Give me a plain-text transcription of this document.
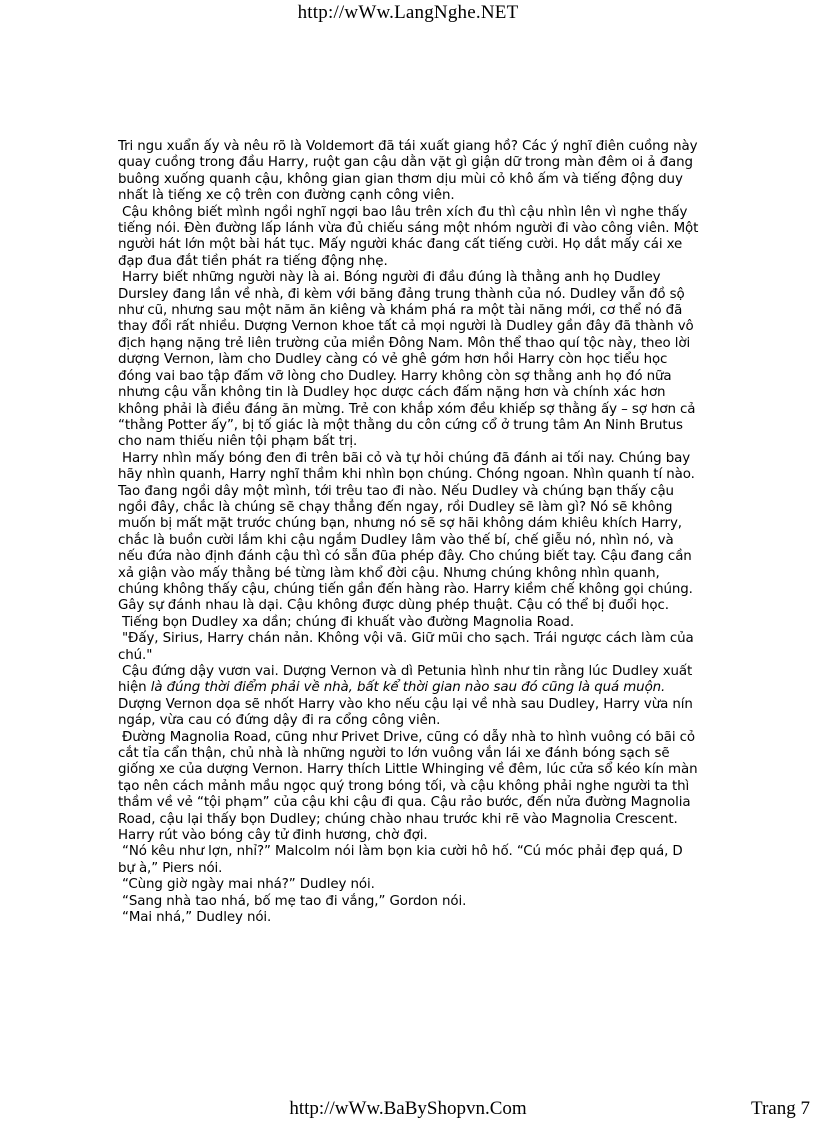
http://wWw.LangNghe.NET

Tri ngu xuẩn ấy và nêu rõ là Voldemort đã tái xuất giang hồ? Các ý nghĩ điên cuồng này quay cuồng trong đầu Harry, ruột gan cậu dằn vặt gì giận dữ trong màn đêm oi ả đang buông xuống quanh cậu, không gian gian thơm dịu mùi cỏ khô ấm và tiếng động duy nhất là tiếng xe cộ trên con đường cạnh công viên.

Cậu không biết mình ngồi nghĩ ngợi bao lâu trên xích đu thì cậu nhìn lên vì nghe thấy tiếng nói. Đèn đường lấp lánh vừa đủ chiếu sáng một nhóm người đi vào công viên. Một người hát lớn một bài hát tục. Mấy người khác đang cất tiếng cười. Họ dắt mấy cái xe đạp đua đắt tiền phát ra tiếng động nhẹ.

Harry biết những người này là ai. Bóng người đi đầu đúng là thằng anh họ Dudley Dursley đang lần về nhà, đi kèm với băng đảng trung thành của nó. Dudley vẫn đồ sộ như cũ, nhưng sau một năm ăn kiêng và khám phá ra một tài năng mới, cơ thể nó đã thay đổi rất nhiều. Dượng Vernon khoe tất cả mọi người là Dudley gần đây đã thành vô địch hạng nặng trẻ liên trường của miền Đông Nam. Môn thể thao quí tộc này, theo lời dượng Vernon, làm cho Dudley càng có vẻ ghê gớm hơn hồi Harry còn học tiểu học đóng vai bao tập đấm vỡ lòng cho Dudley. Harry không còn sợ thằng anh họ đó nữa nhưng cậu vẫn không tin là Dudley học dược cách đấm nặng hơn và chính xác hơn không phải là điều đáng ăn mừng. Trẻ con khắp xóm đều khiếp sợ thằng ấy – sợ hơn cả “thằng Potter ấy”, bị tố giác là một thằng du côn cứng cổ ở trung tâm An Ninh Brutus cho nam thiếu niên tội phạm bất trị.

Harry nhìn mấy bóng đen đi trên bãi cỏ và tự hỏi chúng đã đánh ai tối nay. Chúng bay hãy nhìn quanh, Harry nghĩ thầm khi nhìn bọn chúng. Chóng ngoan. Nhìn quanh tí nào. Tao đang ngồi dây một mình, tới trêu tao đi nào. Nếu Dudley và chúng bạn thấy cậu ngồi đây, chắc là chúng sẽ chạy thẳng đến ngay, rồi Dudley sẽ làm gì? Nó sẽ không muốn bị mất mặt trước chúng bạn, nhưng nó sẽ sợ hãi không dám khiêu khích Harry, chắc là buồn cười lắm khi cậu ngắm Dudley lâm vào thế bí, chế giễu nó, nhìn nó, và nếu đứa nào định đánh cậu thì có sẵn đũa phép đây. Cho chúng biết tay. Cậu đang cần xả giận vào mấy thằng bé từng làm khổ đời cậu. Nhưng chúng không nhìn quanh, chúng không thấy cậu, chúng tiến gần đến hàng rào. Harry kiềm chế không gọi chúng. Gây sự đánh nhau là dại. Cậu không được dùng phép thuật. Cậu có thể bị đuổi học.

Tiếng bọn Dudley xa dần; chúng đi khuất vào đường Magnolia Road.

"Đấy, Sirius, Harry chán nản. Không vội vã. Giữ mũi cho sạch. Trái ngược cách làm của chú."

Cậu đứng dậy vươn vai. Dượng Vernon và dì Petunia hình như tin rằng lúc Dudley xuất hiện là đúng thời điểm phải về nhà, bất kể thời gian nào sau đó cũng là quá muộn. Dượng Vernon dọa sẽ nhốt Harry vào kho nếu cậu lại về nhà sau Dudley, Harry vừa nín ngáp, vừa cau có đứng dậy đi ra cổng công viên.

Đường Magnolia Road, cũng như Privet Drive, cũng có dẫy nhà to hình vuông có bãi cỏ cắt tỉa cẩn thận, chủ nhà là những người to lớn vuông vắn lái xe đánh bóng sạch sẽ giống xe của dượng Vernon. Harry thích Little Whinging về đêm, lúc cửa sổ kéo kín màn tạo nên cách mảnh mầu ngọc quý trong bóng tối, và cậu không phải nghe người ta thì thầm về vẻ “tội phạm” của cậu khi cậu đi qua. Cậu rảo bước, đến nửa đường Magnolia Road, cậu lại thấy bọn Dudley; chúng chào nhau trước khi rẽ vào Magnolia Crescent. Harry rút vào bóng cây tử đinh hương, chờ đợi.

“Nó kêu như lợn, nhỉ?” Malcolm nói làm bọn kia cười hô hố. “Cú móc phải đẹp quá, D bự à,” Piers nói.

“Cùng giờ ngày mai nhá?” Dudley nói.

“Sang nhà tao nhá, bố mẹ tao đi vắng,” Gordon nói.

“Mai nhá,” Dudley nói.

http://wWw.BaByShopvn.Com	Trang 7
